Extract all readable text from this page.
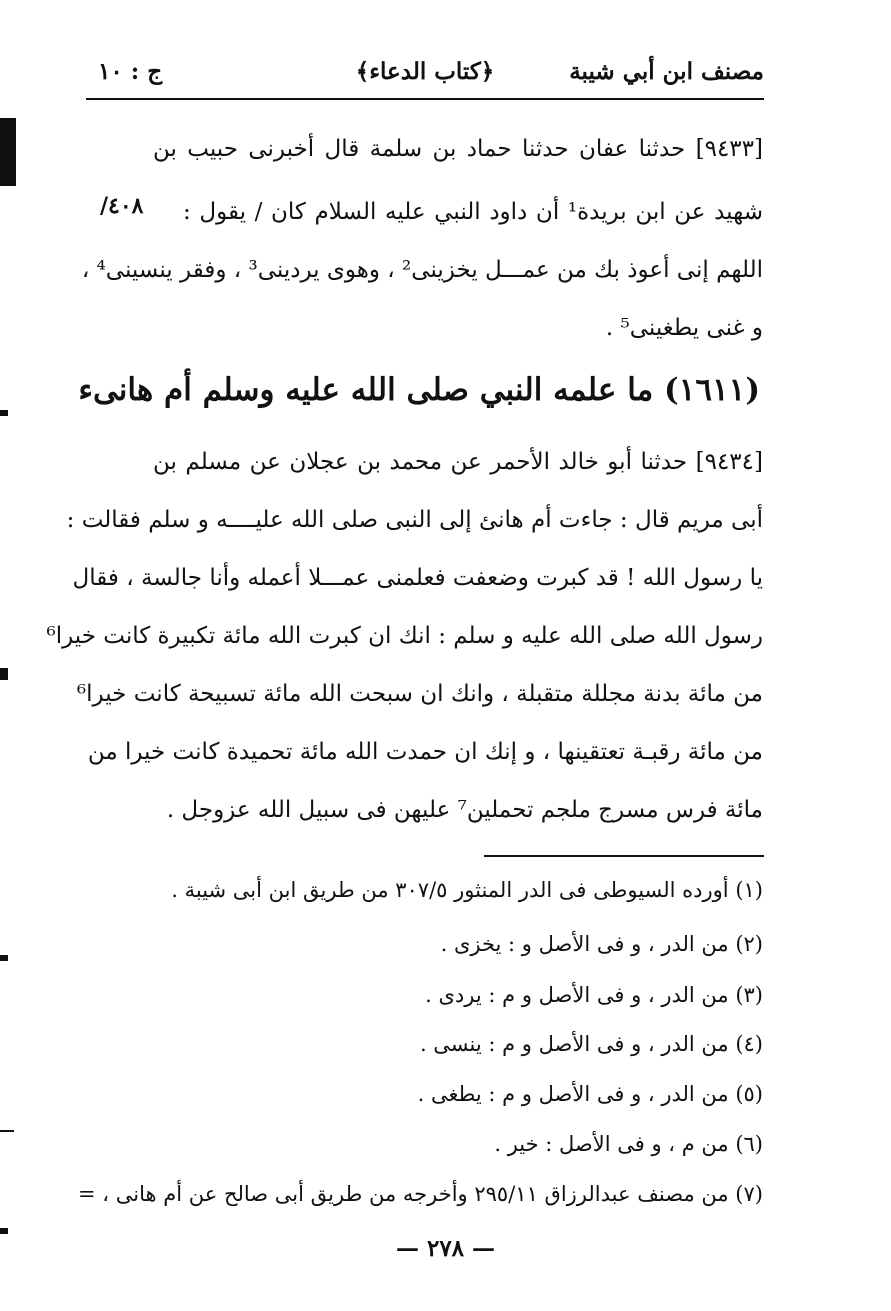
مصنف ابن أبي شيبة
﴿كتاب الدعاء﴾
ج : ١٠
[٩٤٣٣] حدثنا عفان حدثنا حماد بن سلمة قال أخبرنى حبيب بن
شهيد عن ابن بريدة¹ أن داود النبي عليه السلام كان / يقول :
/٤٠٨
اللهم إنى أعوذ بك من عمـــل يخزينى² ، وهوى يردينى³ ، وفقر ينسينى⁴ ،
و غنى يطغينى⁵ .
(١٦١١) ما علمه النبي صلى الله عليه وسلم أم هانىء
[٩٤٣٤] حدثنا أبو خالد الأحمر عن محمد بن عجلان عن مسلم بن
أبى مريم قال : جاءت أم هانئ إلى النبى صلى الله عليــــه و سلم فقالت :
يا رسول الله ! قد كبرت وضعفت فعلمنى عمـــلا أعمله وأنا جالسة ، فقال
رسول الله صلى الله عليه و سلم : انك ان كبرت الله مائة تكبيرة كانت خيرا⁶
من مائة بدنة مجللة متقبلة ، وانك ان سبحت الله مائة تسبيحة كانت خيرا⁶
من مائة رقبـة تعتقينها ، و إنك ان حمدت الله مائة تحميدة كانت خيرا من
مائة فرس مسرج ملجم تحملين⁷ عليهن فى سبيل الله عزوجل .
(١) أورده السيوطى فى الدر المنثور ٣٠٧/٥ من طريق ابن أبى شيبة .
(٢) من الدر ، و فى الأصل و : يخزى .
(٣) من الدر ، و فى الأصل و م : يردى .
(٤) من الدر ، و فى الأصل و م : ينسى .
(٥) من الدر ، و فى الأصل و م : يطغى .
(٦) من م ، و فى الأصل : خير .
(٧) من مصنف عبدالرزاق ٢٩٥/١١ وأخرجه من طريق أبى صالح عن أم هانى ، =
— ٢٧٨ —
